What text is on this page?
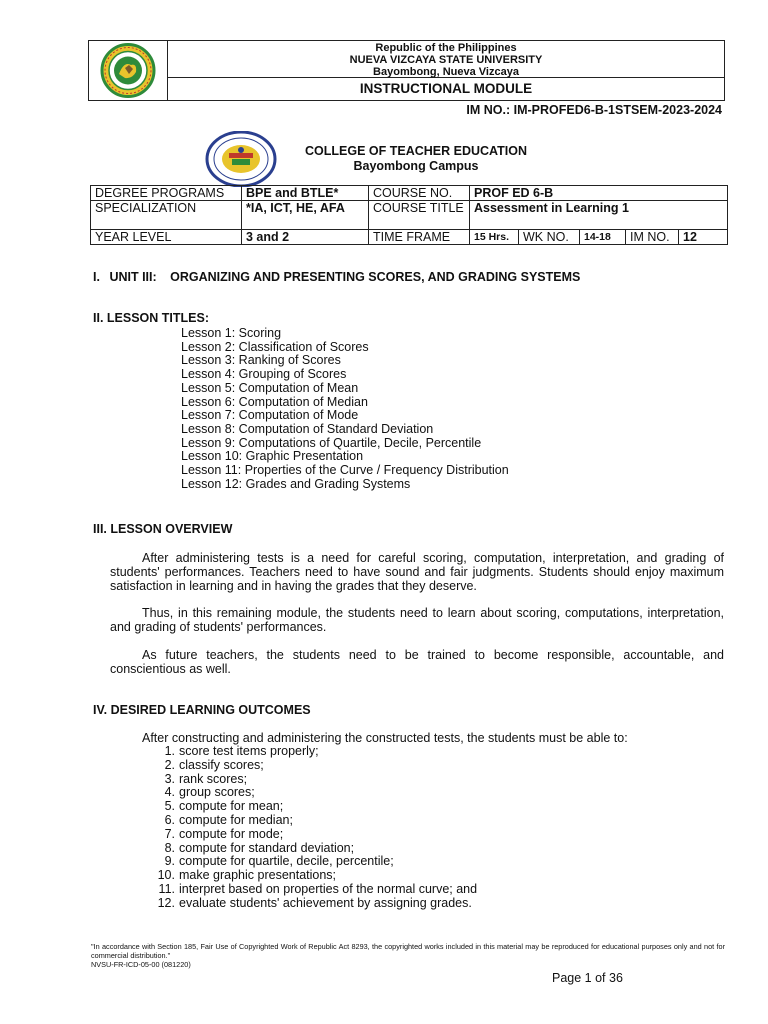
Republic of the Philippines
NUEVA VIZCAYA STATE UNIVERSITY
Bayombong, Nueva Vizcaya
INSTRUCTIONAL MODULE
IM NO.: IM-PROFED6-B-1STSEM-2023-2024
COLLEGE OF TEACHER EDUCATION
Bayombong Campus
DEGREE PROGRAMS	BPE and BTLE*	COURSE NO.	PROF ED 6-B				
SPECIALIZATION	*IA, ICT, HE, AFA	COURSE TITLE	Assessment in Learning 1				
YEAR LEVEL	3 and 2	TIME FRAME	15 Hrs.	WK NO.	14-18	IM NO.	12
I. UNIT III: ORGANIZING AND PRESENTING SCORES, AND GRADING SYSTEMS
II. LESSON TITLES:
Lesson 1: Scoring
Lesson 2: Classification of Scores
Lesson 3: Ranking of Scores
Lesson 4: Grouping of Scores
Lesson 5: Computation of Mean
Lesson 6: Computation of Median
Lesson 7: Computation of Mode
Lesson 8: Computation of Standard Deviation
Lesson 9: Computations of Quartile, Decile, Percentile
Lesson 10: Graphic Presentation
Lesson 11: Properties of the Curve / Frequency Distribution
Lesson 12: Grades and Grading Systems
III. LESSON OVERVIEW
After administering tests is a need for careful scoring, computation, interpretation, and grading of students' performances. Teachers need to have sound and fair judgments. Students should enjoy maximum satisfaction in learning and in having the grades that they deserve.
Thus, in this remaining module, the students need to learn about scoring, computations, interpretation, and grading of students' performances.
As future teachers, the students need to be trained to become responsible, accountable, and conscientious as well.
IV. DESIRED LEARNING OUTCOMES
After constructing and administering the constructed tests, the students must be able to:
1. score test items properly;
2. classify scores;
3. rank scores;
4. group scores;
5. compute for mean;
6. compute for median;
7. compute for mode;
8. compute for standard deviation;
9. compute for quartile, decile, percentile;
10. make graphic presentations;
11. interpret based on properties of the normal curve; and
12. evaluate students' achievement by assigning grades.
"In accordance with Section 185, Fair Use of Copyrighted Work of Republic Act 8293, the copyrighted works included in this material may be reproduced for educational purposes only and not for commercial distribution."
NVSU-FR-ICD-05-00 (081220)
Page 1 of 36
